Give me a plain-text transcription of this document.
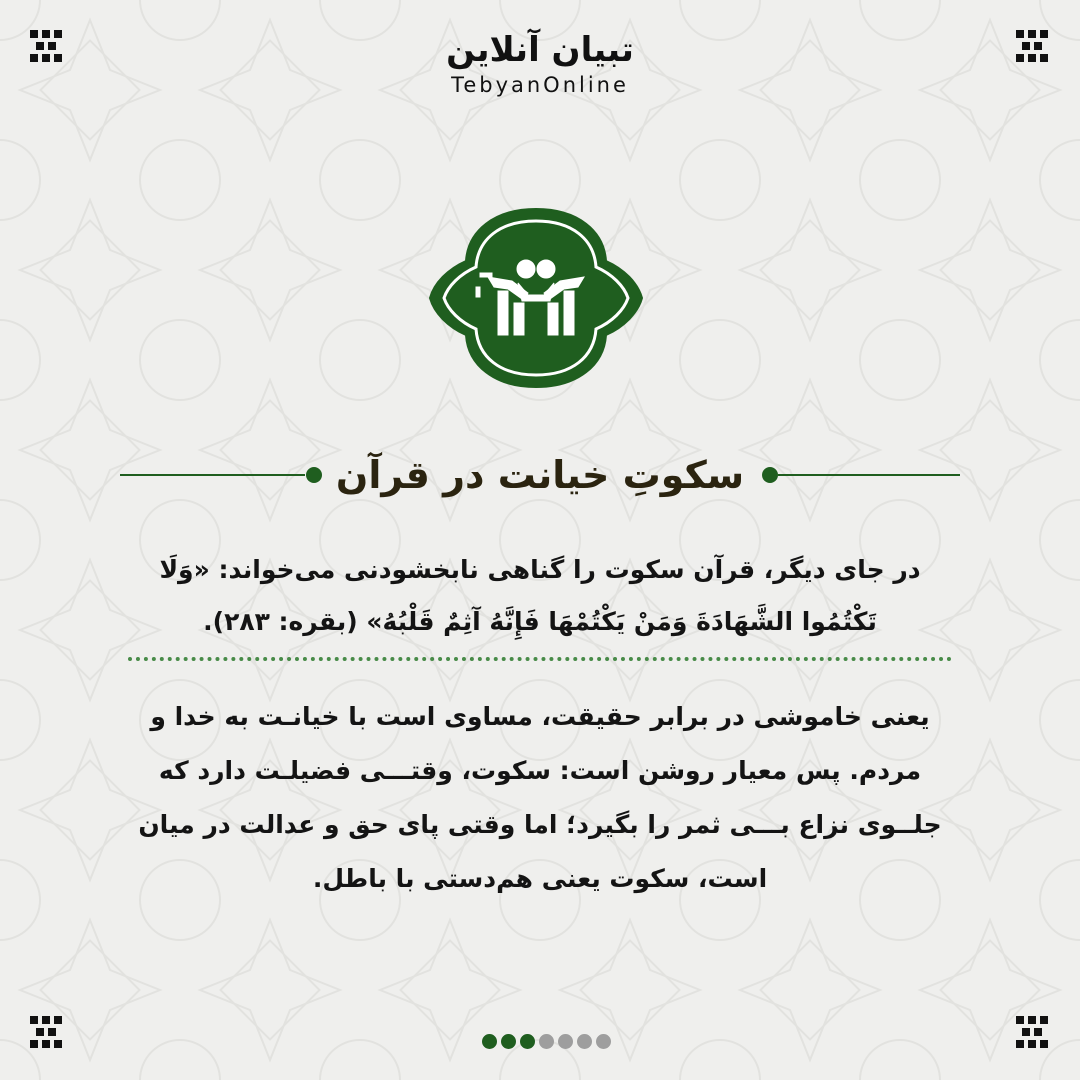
تبیان آنلاین
TebyanOnline
سکوتِ خیانت در قرآن
در جای دیگر، قرآن سکوت را گناهی نابخشودنی می‌خواند: «وَلَا تَکْتُمُوا الشَّهَادَةَ وَمَنْ یَکْتُمْهَا فَإِنَّهُ آثِمٌ قَلْبُهُ» (بقره: ۲۸۳).
یعنی خاموشی در برابر حقیقت، مساوی است با خیانـت به خدا و مردم. پس معیار روشن است: سکوت، وقتـــی فضیلـت دارد که جلــوی نزاع بـــی ثمر را بگیرد؛ اما وقتی پای حق و عدالت در میان است، سکوت یعنی هم‌دستی با باطل.
